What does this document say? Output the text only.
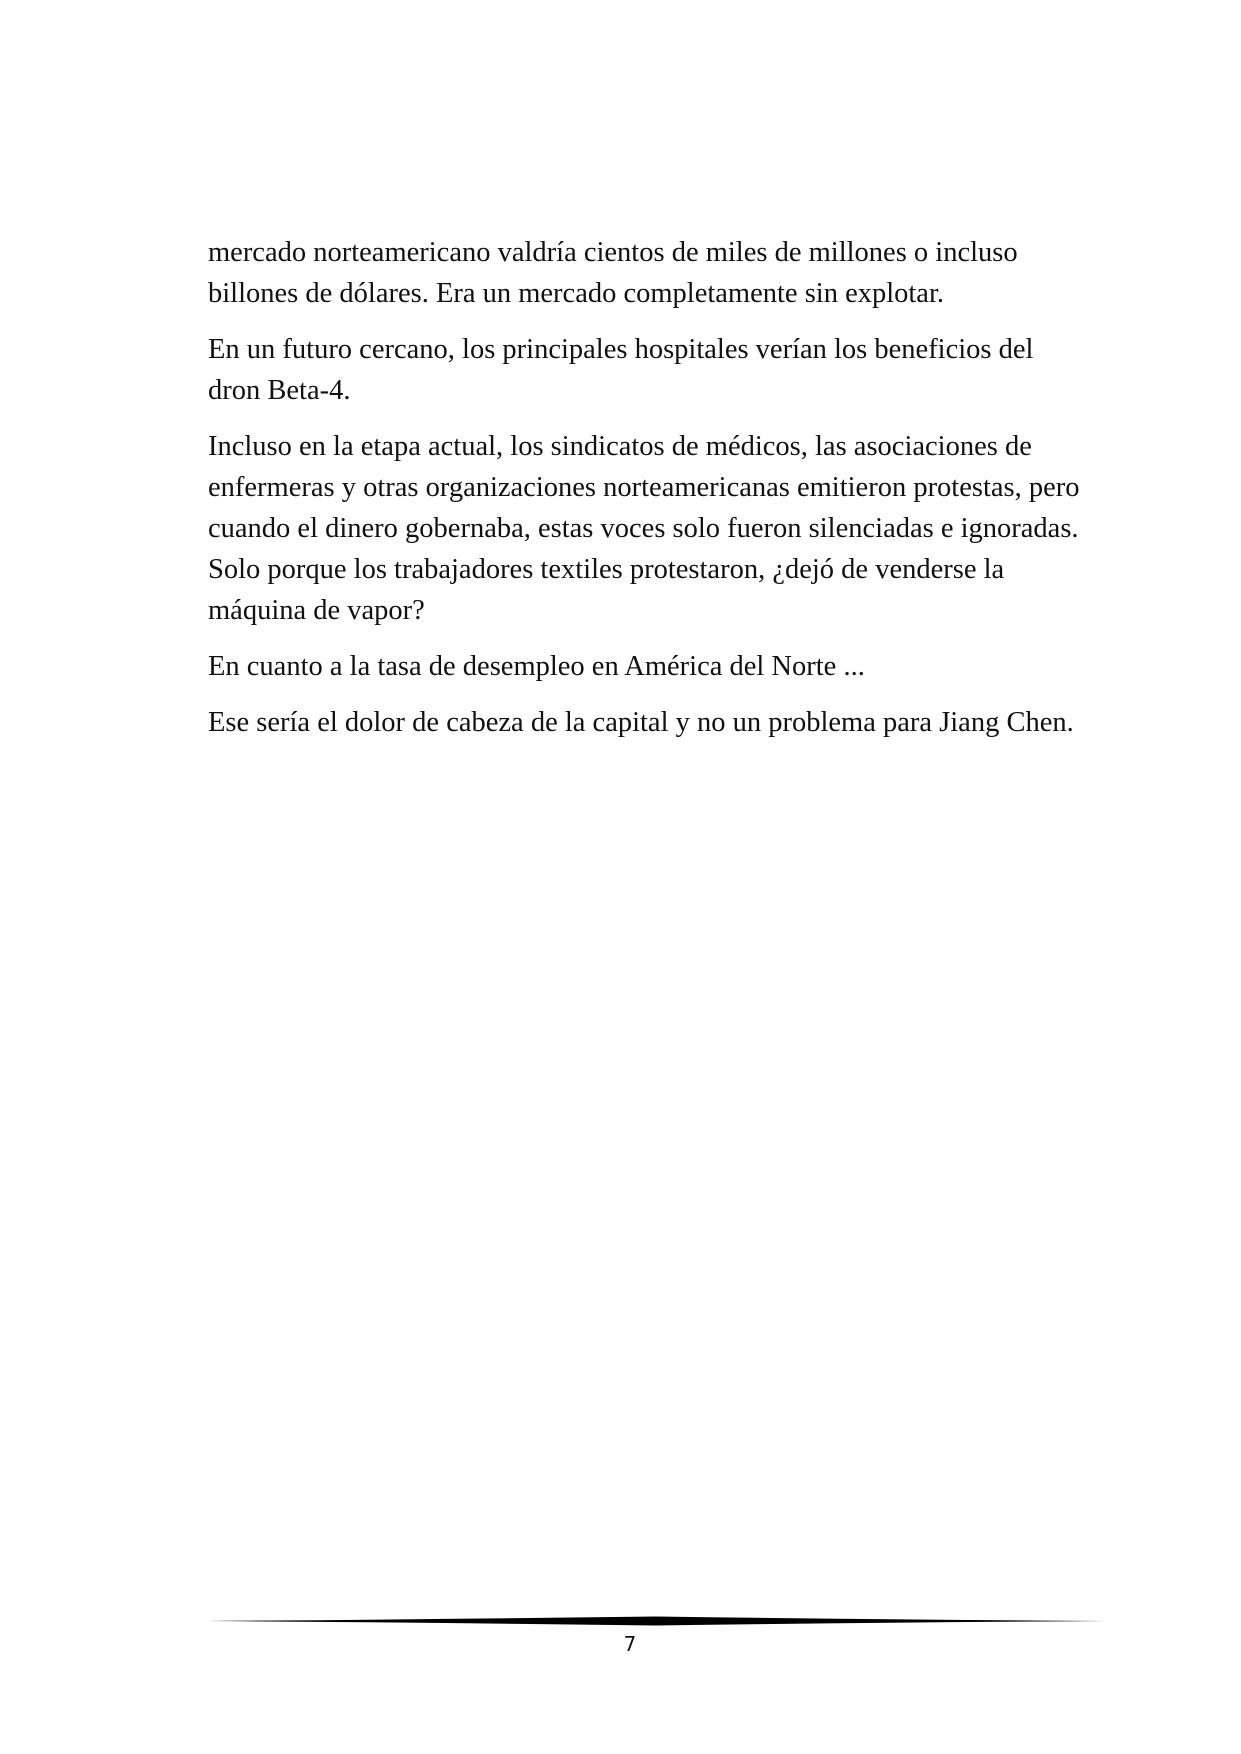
mercado norteamericano valdría cientos de miles de millones o incluso billones de dólares. Era un mercado completamente sin explotar.

En un futuro cercano, los principales hospitales verían los beneficios del dron Beta-4.

Incluso en la etapa actual, los sindicatos de médicos, las asociaciones de enfermeras y otras organizaciones norteamericanas emitieron protestas, pero cuando el dinero gobernaba, estas voces solo fueron silenciadas e ignoradas. Solo porque los trabajadores textiles protestaron, ¿dejó de venderse la máquina de vapor?

En cuanto a la tasa de desempleo en América del Norte ...

Ese sería el dolor de cabeza de la capital y no un problema para Jiang Chen.

7
